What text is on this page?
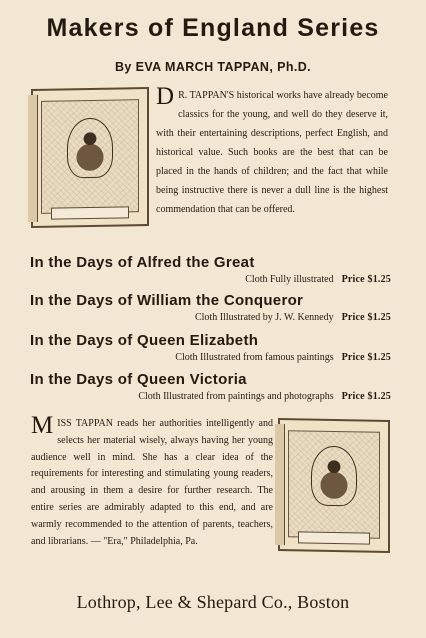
Makers of England Series
By EVA MARCH TAPPAN, Ph.D.
D R. TAPPAN'S historical works have already become classics for the young, and well do they deserve it, with their entertaining descriptions, perfect English, and historical value. Such books are the best that can be placed in the hands of children; and the fact that while being instructive there is never a dull line is the highest commendation that can be offered.
In the Days of Alfred the Great
Cloth Fully illustrated Price $1.25
In the Days of William the Conqueror
Cloth Illustrated by J. W. Kennedy Price $1.25
In the Days of Queen Elizabeth
Cloth Illustrated from famous paintings Price $1.25
In the Days of Queen Victoria
Cloth Illustrated from paintings and photographs Price $1.25
M ISS TAPPAN reads her authorities intelligently and selects her material wisely, always having her young audience well in mind. She has a clear idea of the requirements for interesting and stimulating young readers, and arousing in them a desire for further research. The entire series are admirably adapted to this end, and are warmly recommended to the attention of parents, teachers, and librarians. — "Era," Philadelphia, Pa.
Lothrop, Lee & Shepard Co., Boston
